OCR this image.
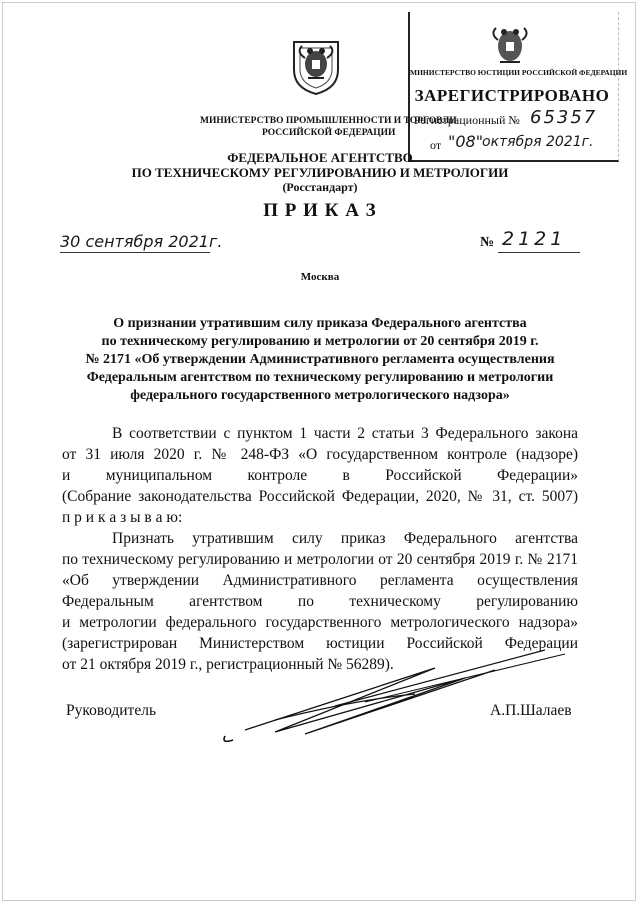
МИНИСТЕРСТВО ЮСТИЦИИ РОССИЙСКОЙ ФЕДЕРАЦИИ
ЗАРЕГИСТРИРОВАНО
Регистрационный № 65357
от "08"
октября 2021г.
МИНИСТЕРСТВО ПРОМЫШЛЕННОСТИ И ТОРГОВЛИ
РОССИЙСКОЙ ФЕДЕРАЦИИ
ФЕДЕРАЛЬНОЕ АГЕНТСТВО
ПО ТЕХНИЧЕСКОМУ РЕГУЛИРОВАНИЮ И МЕТРОЛОГИИ
(Росстандарт)
П Р И К А З
30 сентября 2021г.	№ 2121
Москва
О признании утратившим силу приказа Федерального агентства
по техническому регулированию и метрологии от 20 сентября 2019 г.
№ 2171 «Об утверждении Административного регламента осуществления
Федеральным агентством по техническому регулированию и метрологии
федерального государственного метрологического надзора»
В соответствии с пунктом 1 части 2 статьи 3 Федерального закона
от 31 июля 2020 г. № 248-ФЗ «О государственном контроле (надзоре)
и муниципальном контроле в Российской Федерации»
(Собрание законодательства Российской Федерации, 2020, № 31, ст. 5007)
п р и к а з ы в а ю:
Признать утратившим силу приказ Федерального агентства
по техническому регулированию и метрологии от 20 сентября 2019 г. № 2171
«Об утверждении Административного регламента осуществления
Федеральным агентством по техническому регулированию
и метрологии федерального государственного метрологического надзора»
(зарегистрирован Министерством юстиции Российской Федерации
от 21 октября 2019 г., регистрационный № 56289).
Руководитель	А.П.Шалаев
